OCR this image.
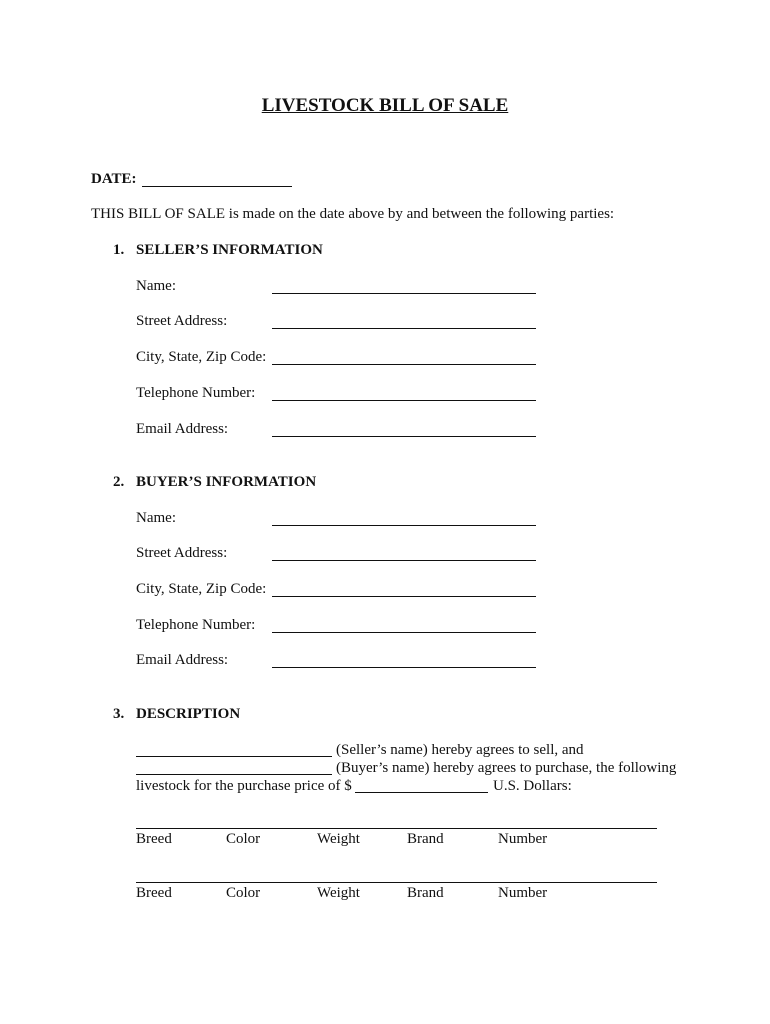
LIVESTOCK BILL OF SALE
DATE:
THIS BILL OF SALE is made on the date above by and between the following parties:
1. SELLER’S INFORMATION
Name:
Street Address:
City, State, Zip Code:
Telephone Number:
Email Address:
2. BUYER’S INFORMATION
Name:
Street Address:
City, State, Zip Code:
Telephone Number:
Email Address:
3. DESCRIPTION
(Seller’s name) hereby agrees to sell, and
(Buyer’s name) hereby agrees to purchase, the following
livestock for the purchase price of $	U.S. Dollars:
Breed	Color	Weight	Brand	Number
Breed	Color	Weight	Brand	Number
